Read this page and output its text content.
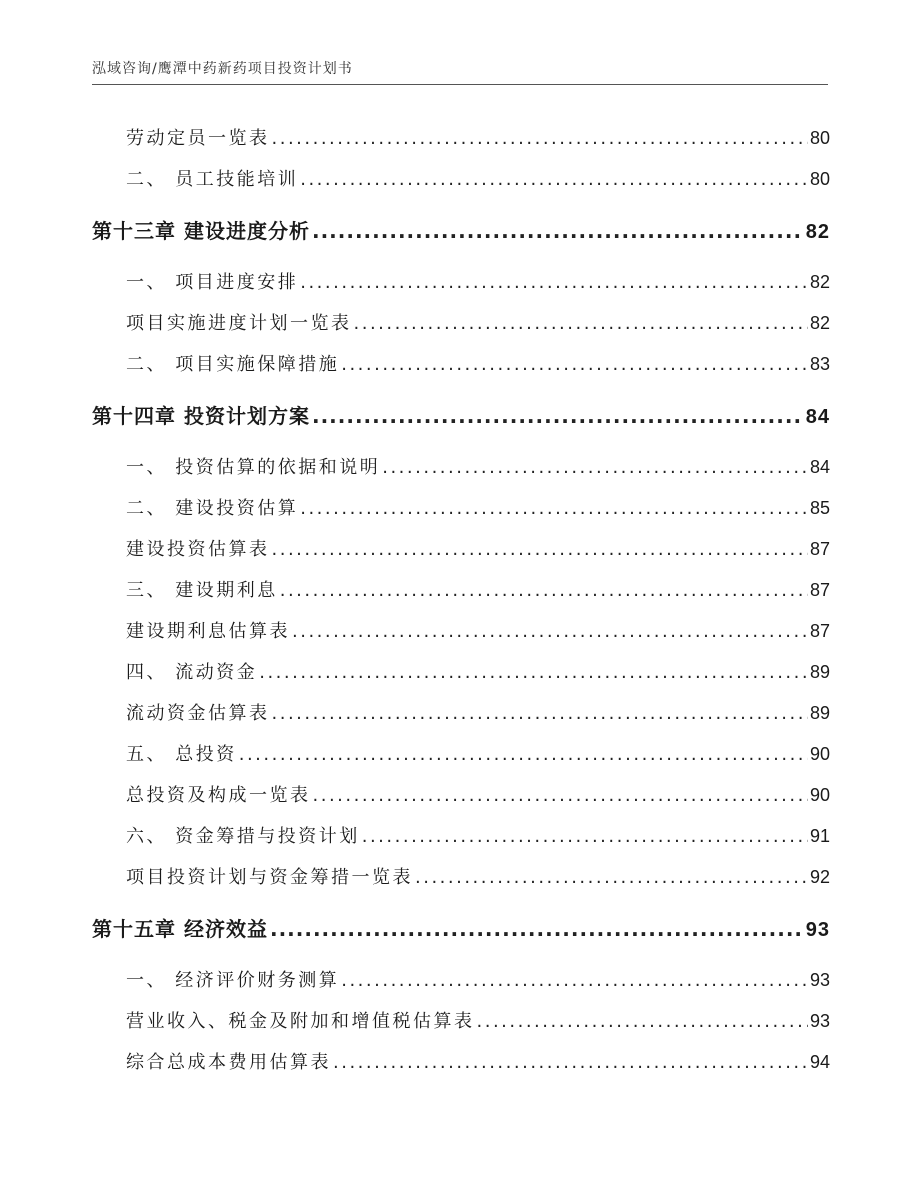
泓域咨询/鹰潭中药新药项目投资计划书
劳动定员一览表 .....	80
二、 员工技能培训 .....	80
第十三章 建设进度分析 .....	82
一、 项目进度安排 .....	82
项目实施进度计划一览表 .....	82
二、 项目实施保障措施 .....	83
第十四章 投资计划方案 .....	84
一、 投资估算的依据和说明 .....	84
二、 建设投资估算 .....	85
建设投资估算表 .....	87
三、 建设期利息 .....	87
建设期利息估算表 .....	87
四、 流动资金 .....	89
流动资金估算表 .....	89
五、 总投资 .....	90
总投资及构成一览表 .....	90
六、 资金筹措与投资计划 .....	91
项目投资计划与资金筹措一览表 .....	92
第十五章 经济效益 .....	93
一、 经济评价财务测算 .....	93
营业收入、税金及附加和增值税估算表 .....	93
综合总成本费用估算表 .....	94
